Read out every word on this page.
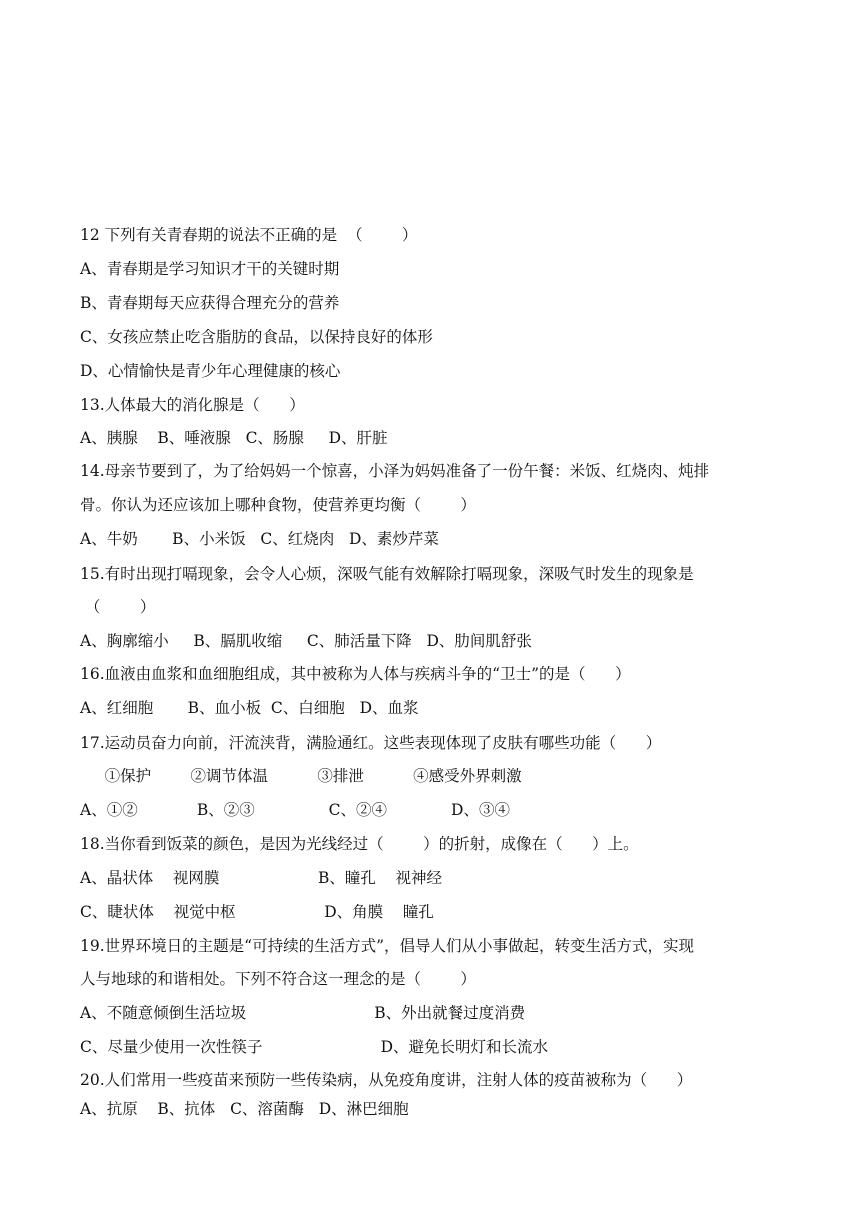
12 下列有关青春期的说法不正确的是  （        ）
A、青春期是学习知识才干的关键时期
B、青春期每天应获得合理充分的营养
C、女孩应禁止吃含脂肪的食品，以保持良好的体形
D、心情愉快是青少年心理健康的核心
13.人体最大的消化腺是（      ）
A、胰腺    B、唾液腺   C、肠腺     D、肝脏
14.母亲节要到了，为了给妈妈一个惊喜，小泽为妈妈准备了一份午餐：米饭、红烧肉、炖排
骨。你认为还应该加上哪种食物，使营养更均衡（        ）
A、牛奶       B、小米饭   C、红烧肉   D、素炒芹菜
15.有时出现打嗝现象，会令人心烦，深吸气能有效解除打嗝现象，深吸气时发生的现象是
（        ）
A、胸廓缩小     B、膈肌收缩     C、肺活量下降   D、肋间肌舒张
16.血液由血浆和血细胞组成，其中被称为人体与疾病斗争的“卫士”的是（      ）
A、红细胞       B、血小板  C、白细胞   D、血浆
17.运动员奋力向前，汗流浃背，满脸通红。这些表现体现了皮肤有哪些功能（      ）
①保护        ②调节体温          ③排泄          ④感受外界刺激
A、①②            B、②③               C、②④             D、③④
18.当你看到饭菜的颜色，是因为光线经过（        ）的折射，成像在（      ）上。
A、晶状体    视网膜                    B、瞳孔    视神经
C、睫状体    视觉中枢                  D、角膜    瞳孔
19.世界环境日的主题是“可持续的生活方式”，倡导人们从小事做起，转变生活方式，实现
人与地球的和谐相处。下列不符合这一理念的是（        ）
A、不随意倾倒生活垃圾                          B、外出就餐过度消费
C、尽量少使用一次性筷子                        D、避免长明灯和长流水
20.人们常用一些疫苗来预防一些传染病，从免疫角度讲，注射人体的疫苗被称为（      ）
A、抗原    B、抗体   C、溶菌酶   D、淋巴细胞
